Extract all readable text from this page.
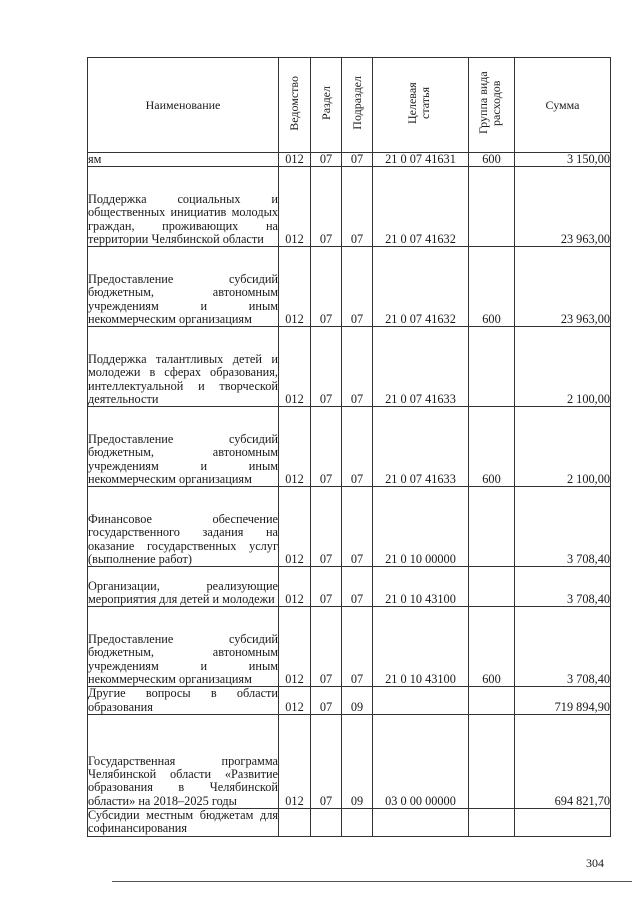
Наименование	Ведомство	Раздел	Подраздел	Целевая статья	Группа вида расходов	Сумма
ям	012	07	07	21 0 07 41631	600	3 150,00
Поддержка социальных и общественных инициатив молодых граждан, проживающих на территории Челябинской области	012	07	07	21 0 07 41632		23 963,00
Предоставление субсидий бюджетным, автономным учреждениям и иным некоммерческим организациям	012	07	07	21 0 07 41632	600	23 963,00
Поддержка талантливых детей и молодежи в сферах образования, интеллектуальной и творческой деятельности	012	07	07	21 0 07 41633		2 100,00
Предоставление субсидий бюджетным, автономным учреждениям и иным некоммерческим организациям	012	07	07	21 0 07 41633	600	2 100,00
Финансовое обеспечение государственного задания на оказание государственных услуг (выполнение работ)	012	07	07	21 0 10 00000		3 708,40
Организации, реализующие мероприятия для детей и молодежи	012	07	07	21 0 10 43100		3 708,40
Предоставление субсидий бюджетным, автономным учреждениям и иным некоммерческим организациям	012	07	07	21 0 10 43100	600	3 708,40
Другие вопросы в области образования	012	07	09			719 894,90
Государственная программа Челябинской области «Развитие образования в Челябинской области» на 2018–2025 годы	012	07	09	03 0 00 00000		694 821,70
Субсидии местным бюджетам для софинансирования						
304
